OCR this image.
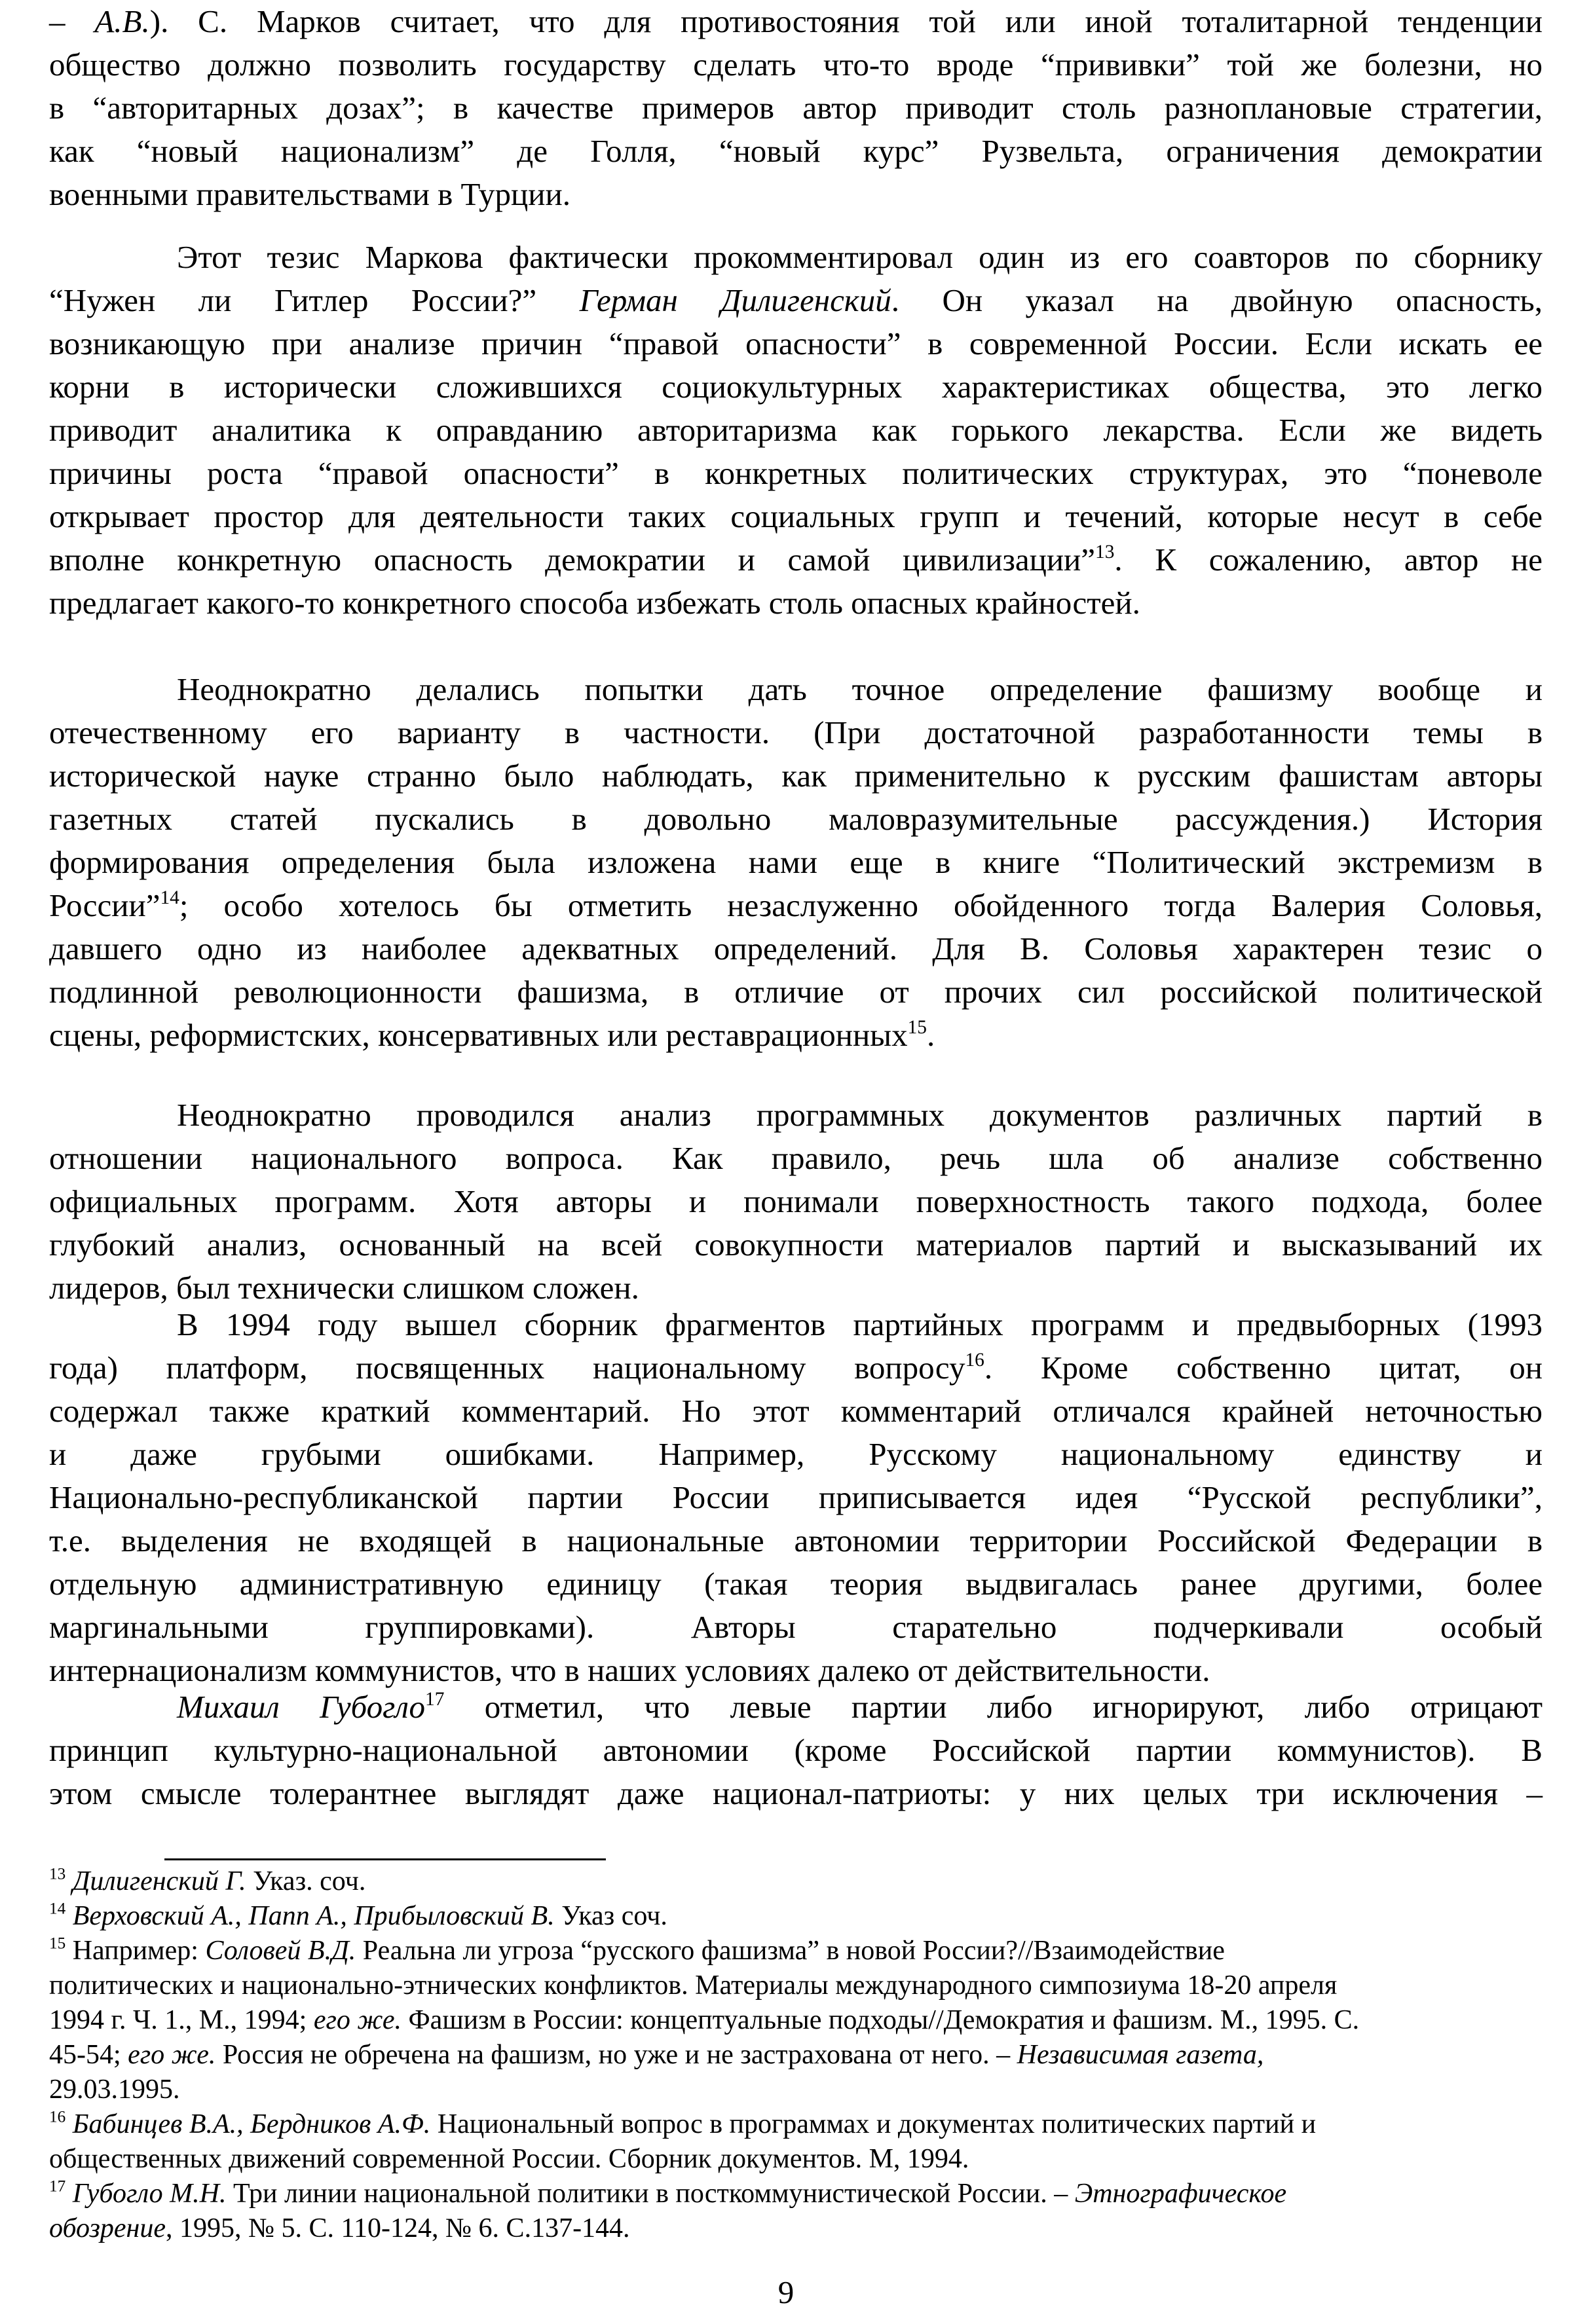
– А.В.). С. Марков считает, что для противостояния той или иной тоталитарной тенденции
общество должно позволить государству сделать что-то вроде “прививки” той же болезни, но
в “авторитарных дозах”; в качестве примеров автор приводит столь разноплановые стратегии,
как “новый национализм” де Голля, “новый курс” Рузвельта, ограничения демократии
военными правительствами в Турции.
Этот тезис Маркова фактически прокомментировал один из его соавторов по сборнику
“Нужен ли Гитлер России?” Герман Дилигенский. Он указал на двойную опасность,
возникающую при анализе причин “правой опасности” в современной России. Если искать ее
корни в исторически сложившихся социокультурных характеристиках общества, это легко
приводит аналитика к оправданию авторитаризма как горького лекарства. Если же видеть
причины роста “правой опасности” в конкретных политических структурах, это “поневоле
открывает простор для деятельности таких социальных групп и течений, которые несут в себе
вполне конкретную опасность демократии и самой цивилизации”$^{13}$. К сожалению, автор не
предлагает какого-то конкретного способа избежать столь опасных крайностей.
Неоднократно делались попытки дать точное определение фашизму вообще и
отечественному его варианту в частности. (При достаточной разработанности темы в
исторической науке странно было наблюдать, как применительно к русским фашистам авторы
газетных статей пускались в довольно маловразумительные рассуждения.) История
формирования определения была изложена нами еще в книге “Политический экстремизм в
России”$^{14}$; особо хотелось бы отметить незаслуженно обойденного тогда Валерия Соловья,
давшего одно из наиболее адекватных определений. Для В. Соловья характерен тезис о
подлинной революционности фашизма, в отличие от прочих сил российской политической
сцены, реформистских, консервативных или реставрационных$^{15}$.
Неоднократно проводился анализ программных документов различных партий в
отношении национального вопроса. Как правило, речь шла об анализе собственно
официальных программ. Хотя авторы и понимали поверхностность такого подхода, более
глубокий анализ, основанный на всей совокупности материалов партий и высказываний их
лидеров, был технически слишком сложен.
В 1994 году вышел сборник фрагментов партийных программ и предвыборных (1993
года) платформ, посвященных национальному вопросу$^{16}$. Кроме собственно цитат, он
содержал также краткий комментарий. Но этот комментарий отличался крайней неточностью
и даже грубыми ошибками. Например, Русскому национальному единству и
Национально-республиканской партии России приписывается идея “Русской республики”,
т.е. выделения не входящей в национальные автономии территории Российской Федерации в
отдельную административную единицу (такая теория выдвигалась ранее другими, более
маргинальными группировками). Авторы старательно подчеркивали особый
интернационализм коммунистов, что в наших условиях далеко от действительности.
Михаил Губогло$^{17}$ отметил, что левые партии либо игнорируют, либо отрицают
принцип культурно-национальной автономии (кроме Российской партии коммунистов). В
этом смысле толерантнее выглядят даже национал-патриоты: у них целых три исключения –
$^{13}$ Дилигенский Г. Указ. соч.
$^{14}$ Верховский А., Папп А., Прибыловский В. Указ соч.
$^{15}$ Например: Соловей В.Д. Реальна ли угроза “русского фашизма” в новой России?//Взаимодействие
политических и национально-этнических конфликтов. Материалы международного симпозиума 18-20 апреля
1994 г. Ч. 1., М., 1994; его же. Фашизм в России: концептуальные подходы//Демократия и фашизм. М., 1995. С.
45-54; его же. Россия не обречена на фашизм, но уже и не застрахована от него. – Независимая газета,
29.03.1995.
$^{16}$ Бабинцев В.А., Бердников А.Ф. Национальный вопрос в программах и документах политических партий и
общественных движений современной России. Сборник документов. М, 1994.
$^{17}$ Губогло М.Н. Три линии национальной политики в посткоммунистической России. – Этнографическое
обозрение, 1995, № 5. С. 110-124, № 6. С.137-144.
9
